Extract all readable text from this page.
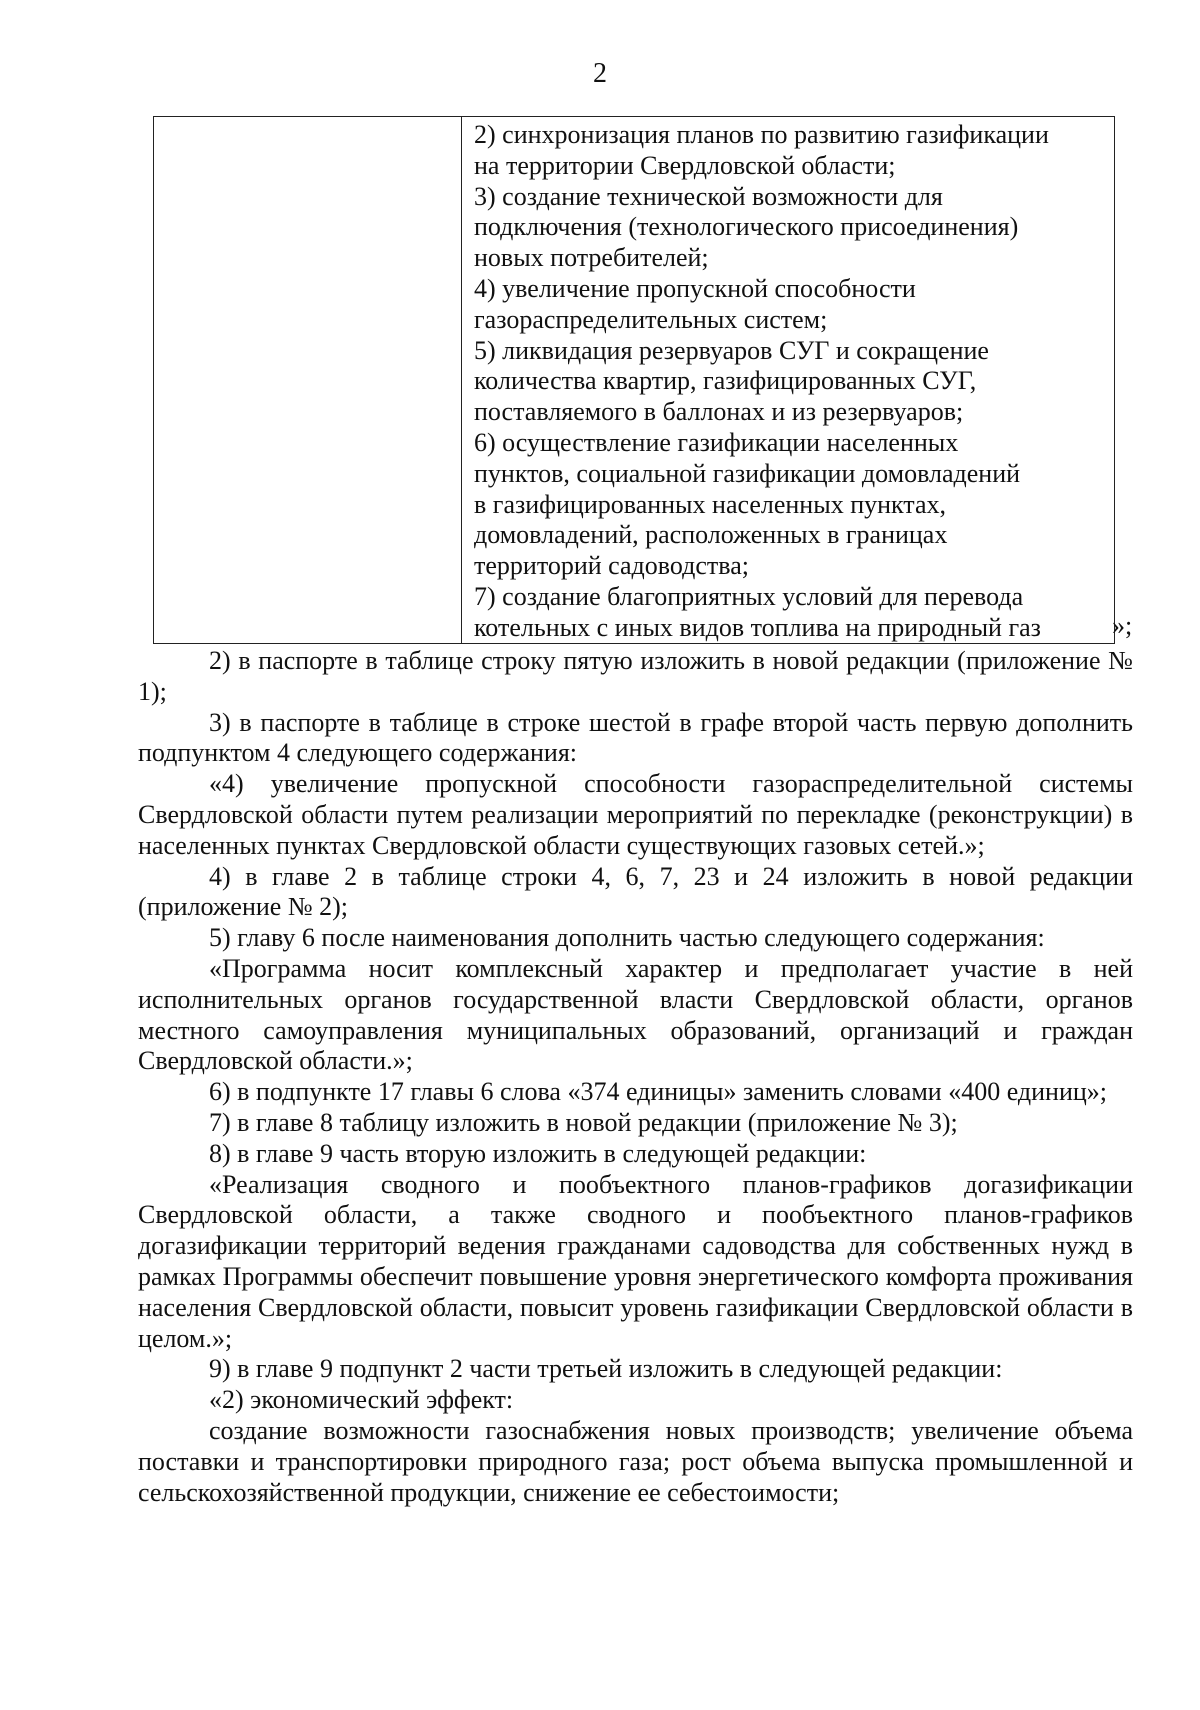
2
2) синхронизация планов по развитию газификации
на территории Свердловской области;
3) создание технической возможности для
подключения (технологического присоединения)
новых потребителей;
4) увеличение пропускной способности
газораспределительных систем;
5) ликвидация резервуаров СУГ и сокращение
количества квартир, газифицированных СУГ,
поставляемого в баллонах и из резервуаров;
6) осуществление газификации населенных
пунктов, социальной газификации домовладений
в газифицированных населенных пунктах,
домовладений, расположенных в границах
территорий садоводства;
7) создание благоприятных условий для перевода
котельных с иных видов топлива на природный газ	»;

2) в паспорте в таблице строку пятую изложить в новой редакции (приложение № 1);

3) в паспорте в таблице в строке шестой в графе второй часть первую дополнить подпунктом 4 следующего содержания:

«4) увеличение пропускной способности газораспределительной системы Свердловской области путем реализации мероприятий по перекладке (реконструкции) в населенных пунктах Свердловской области существующих газовых сетей.»;

4) в главе 2 в таблице строки 4, 6, 7, 23 и 24 изложить в новой редакции (приложение № 2);

5) главу 6 после наименования дополнить частью следующего содержания:

«Программа носит комплексный характер и предполагает участие в ней исполнительных органов государственной власти Свердловской области, органов местного самоуправления муниципальных образований, организаций и граждан Свердловской области.»;

6) в подпункте 17 главы 6 слова «374 единицы» заменить словами «400 единиц»;

7) в главе 8 таблицу изложить в новой редакции (приложение № 3);

8) в главе 9 часть вторую изложить в следующей редакции:

«Реализация сводного и пообъектного планов-графиков догазификации Свердловской области, а также сводного и пообъектного планов-графиков догазификации территорий ведения гражданами садоводства для собственных нужд в рамках Программы обеспечит повышение уровня энергетического комфорта проживания населения Свердловской области, повысит уровень газификации Свердловской области в целом.»;

9) в главе 9 подпункт 2 части третьей изложить в следующей редакции:

«2) экономический эффект:

создание возможности газоснабжения новых производств; увеличение объема поставки и транспортировки природного газа; рост объема выпуска промышленной и сельскохозяйственной продукции, снижение ее себестоимости;
